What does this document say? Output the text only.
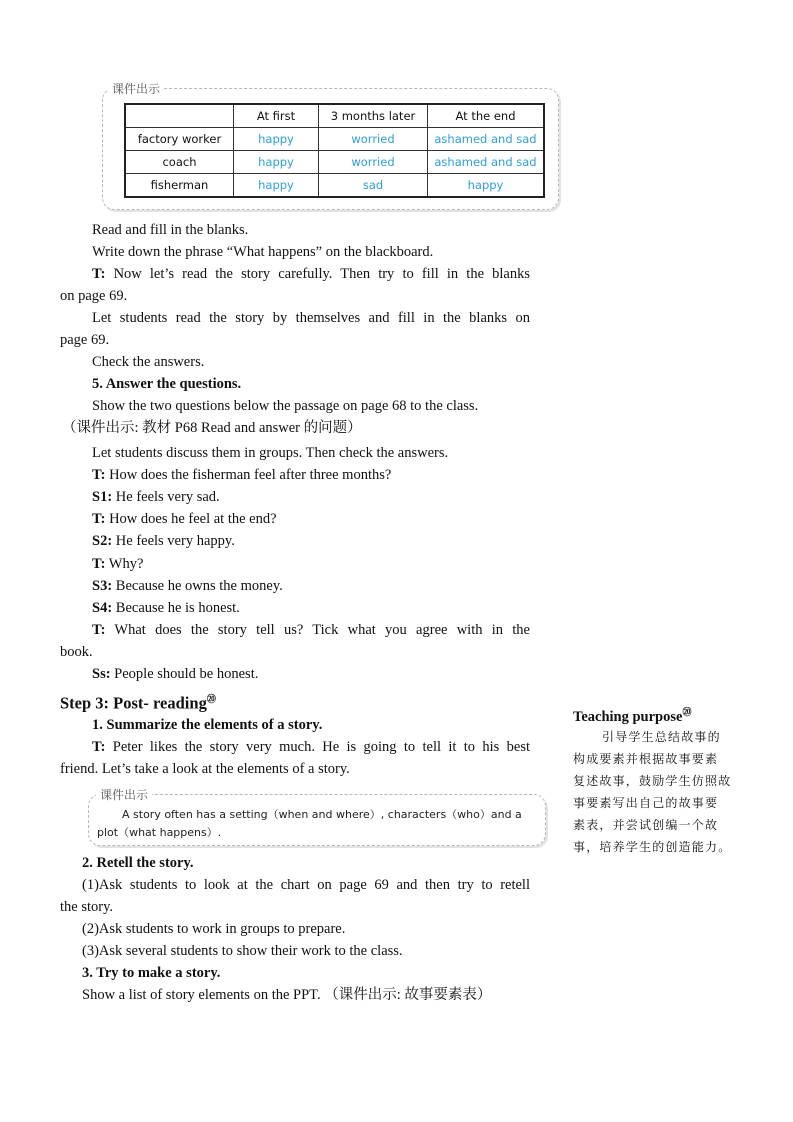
课件出示
	At first	3 months later	At the end
factory worker	happy	worried	ashamed and sad
coach	happy	worried	ashamed and sad
fisherman	happy	sad	happy
Read and fill in the blanks.
Write down the phrase “What happens” on the blackboard.
T: Now let’s read the story carefully. Then try to fill in the blanks
on page 69.
Let students read the story by themselves and fill in the blanks on
page 69.
Check the answers.
5. Answer the questions.
Show the two questions below the passage on page 68 to the class.
（课件出示: 教材 P68 Read and answer 的问题）
Let students discuss them in groups. Then check the answers.
T: How does the fisherman feel after three months?
S1: He feels very sad.
T: How does he feel at the end?
S2: He feels very happy.
T: Why?
S3: Because he owns the money.
S4: Because he is honest.
T: What does the story tell us? Tick what you agree with in the
book.
Ss: People should be honest.
Step 3: Post- reading⑳
1. Summarize the elements of a story.
T: Peter likes the story very much. He is going to tell it to his best
friend. Let’s take a look at the elements of a story.
课件出示
A story often has a setting（when and where）, characters（who）and a
plot（what happens）.
2. Retell the story.
(1)Ask students to look at the chart on page 69 and then try to retell
the story.
(2)Ask students to work in groups to prepare.
(3)Ask several students to show their work to the class.
3. Try to make a story.
Show a list of story elements on the PPT. （课件出示: 故事要素表）
Teaching purpose⑳
引导学生总结故事的
构成要素并根据故事要素
复述故事，鼓励学生仿照故
事要素写出自己的故事要
素表，并尝试创编一个故
事，培养学生的创造能力。
